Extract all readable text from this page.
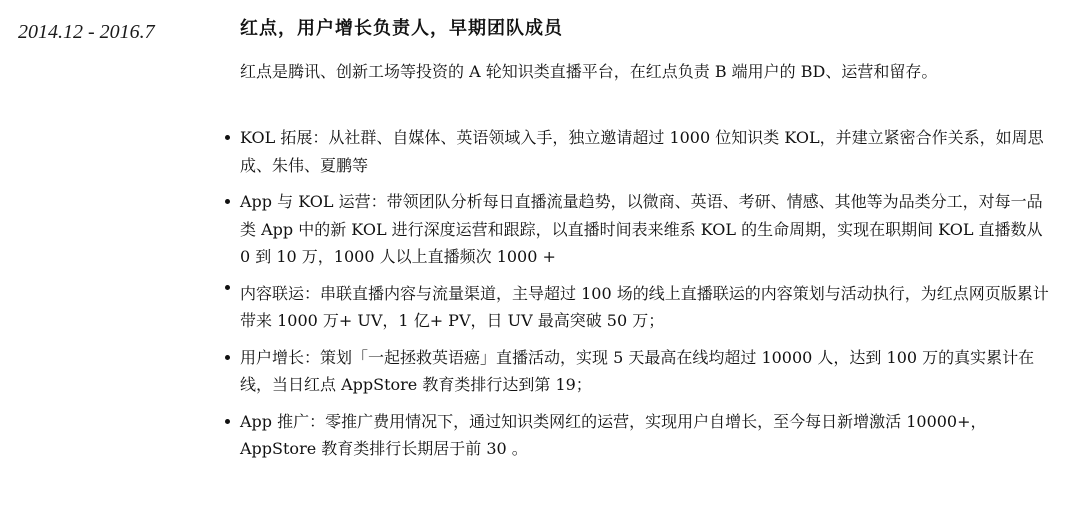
2014.12 - 2016.7	红点，用户增长负责人，早期团队成员
红点是腾讯、创新工场等投资的 A 轮知识类直播平台，在红点负责 B 端用户的 BD、运营和留存。
KOL 拓展：从社群、自媒体、英语领域入手，独立邀请超过 1000 位知识类 KOL，并建立紧密合作关系，如周思成、朱伟、夏鹏等
App 与 KOL 运营：带领团队分析每日直播流量趋势，以微商、英语、考研、情感、其他等为品类分工，对每一品类 App 中的新 KOL 进行深度运营和跟踪，以直播时间表来维系 KOL 的生命周期，实现在职期间 KOL 直播数从 0 到 10 万，1000 人以上直播频次 1000 +
内容联运：串联直播内容与流量渠道，主导超过 100 场的线上直播联运的内容策划与活动执行，为红点网页版累计带来 1000 万+ UV，1 亿+ PV，日 UV 最高突破 50 万；
用户增长：策划「一起拯救英语癌」直播活动，实现 5 天最高在线均超过 10000 人，达到 100 万的真实累计在线，当日红点 AppStore 教育类排行达到第 19；
App 推广：零推广费用情况下，通过知识类网红的运营，实现用户自增长，至今每日新增激活 10000+，AppStore 教育类排行长期居于前 30 。
